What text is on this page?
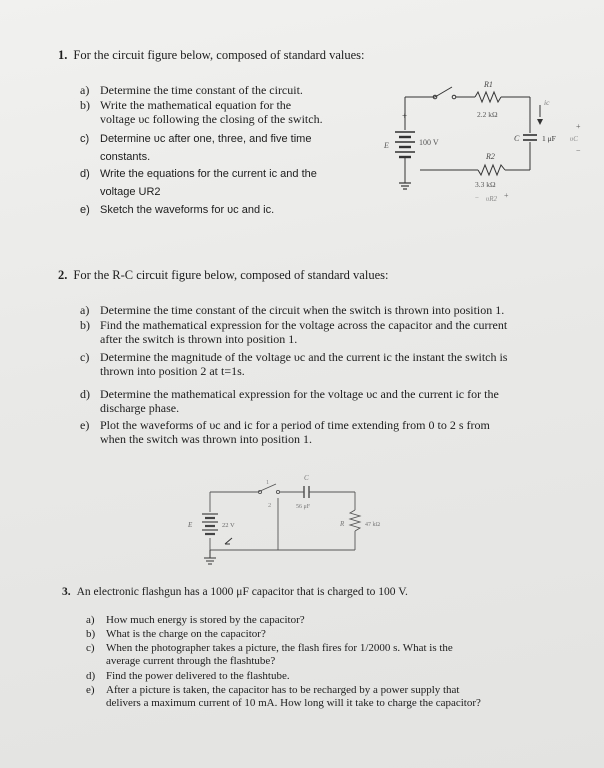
1. For the circuit figure below, composed of standard values:
a) Determine the time constant of the circuit.
b) Write the mathematical equation for the
voltage υc following the closing of the switch.
c) Determine υc after one, three, and five time
constants.
d) Write the equations for the current ic and the
voltage UR2
e) Sketch the waveforms for υc and ic.
+
E	100 V
R1
2.2 kΩ
ic
C	1 μF υC
+
−
R2
3.3 kΩ
− υR2 +
2. For the R-C circuit figure below, composed of standard values:
a) Determine the time constant of the circuit when the switch is thrown into position 1.
b) Find the mathematical expression for the voltage across the capacitor and the current
after the switch is thrown into position 1.
c) Determine the magnitude of the voltage υc and the current ic the instant the switch is
thrown into position 2 at t=1s.
d) Determine the mathematical expression for the voltage υc and the current ic for the
discharge phase.
e) Plot the waveforms of υc and ic for a period of time extending from 0 to 2 s from
when the switch was thrown into position 1.
E	22 V
1
2
C
56 μF
R	47 kΩ
3. An electronic flashgun has a 1000 μF capacitor that is charged to 100 V.
a) How much energy is stored by the capacitor?
b) What is the charge on the capacitor?
c) When the photographer takes a picture, the flash fires for 1/2000 s. What is the
average current through the flashtube?
d) Find the power delivered to the flashtube.
e) After a picture is taken, the capacitor has to be recharged by a power supply that
delivers a maximum current of 10 mA. How long will it take to charge the capacitor?
